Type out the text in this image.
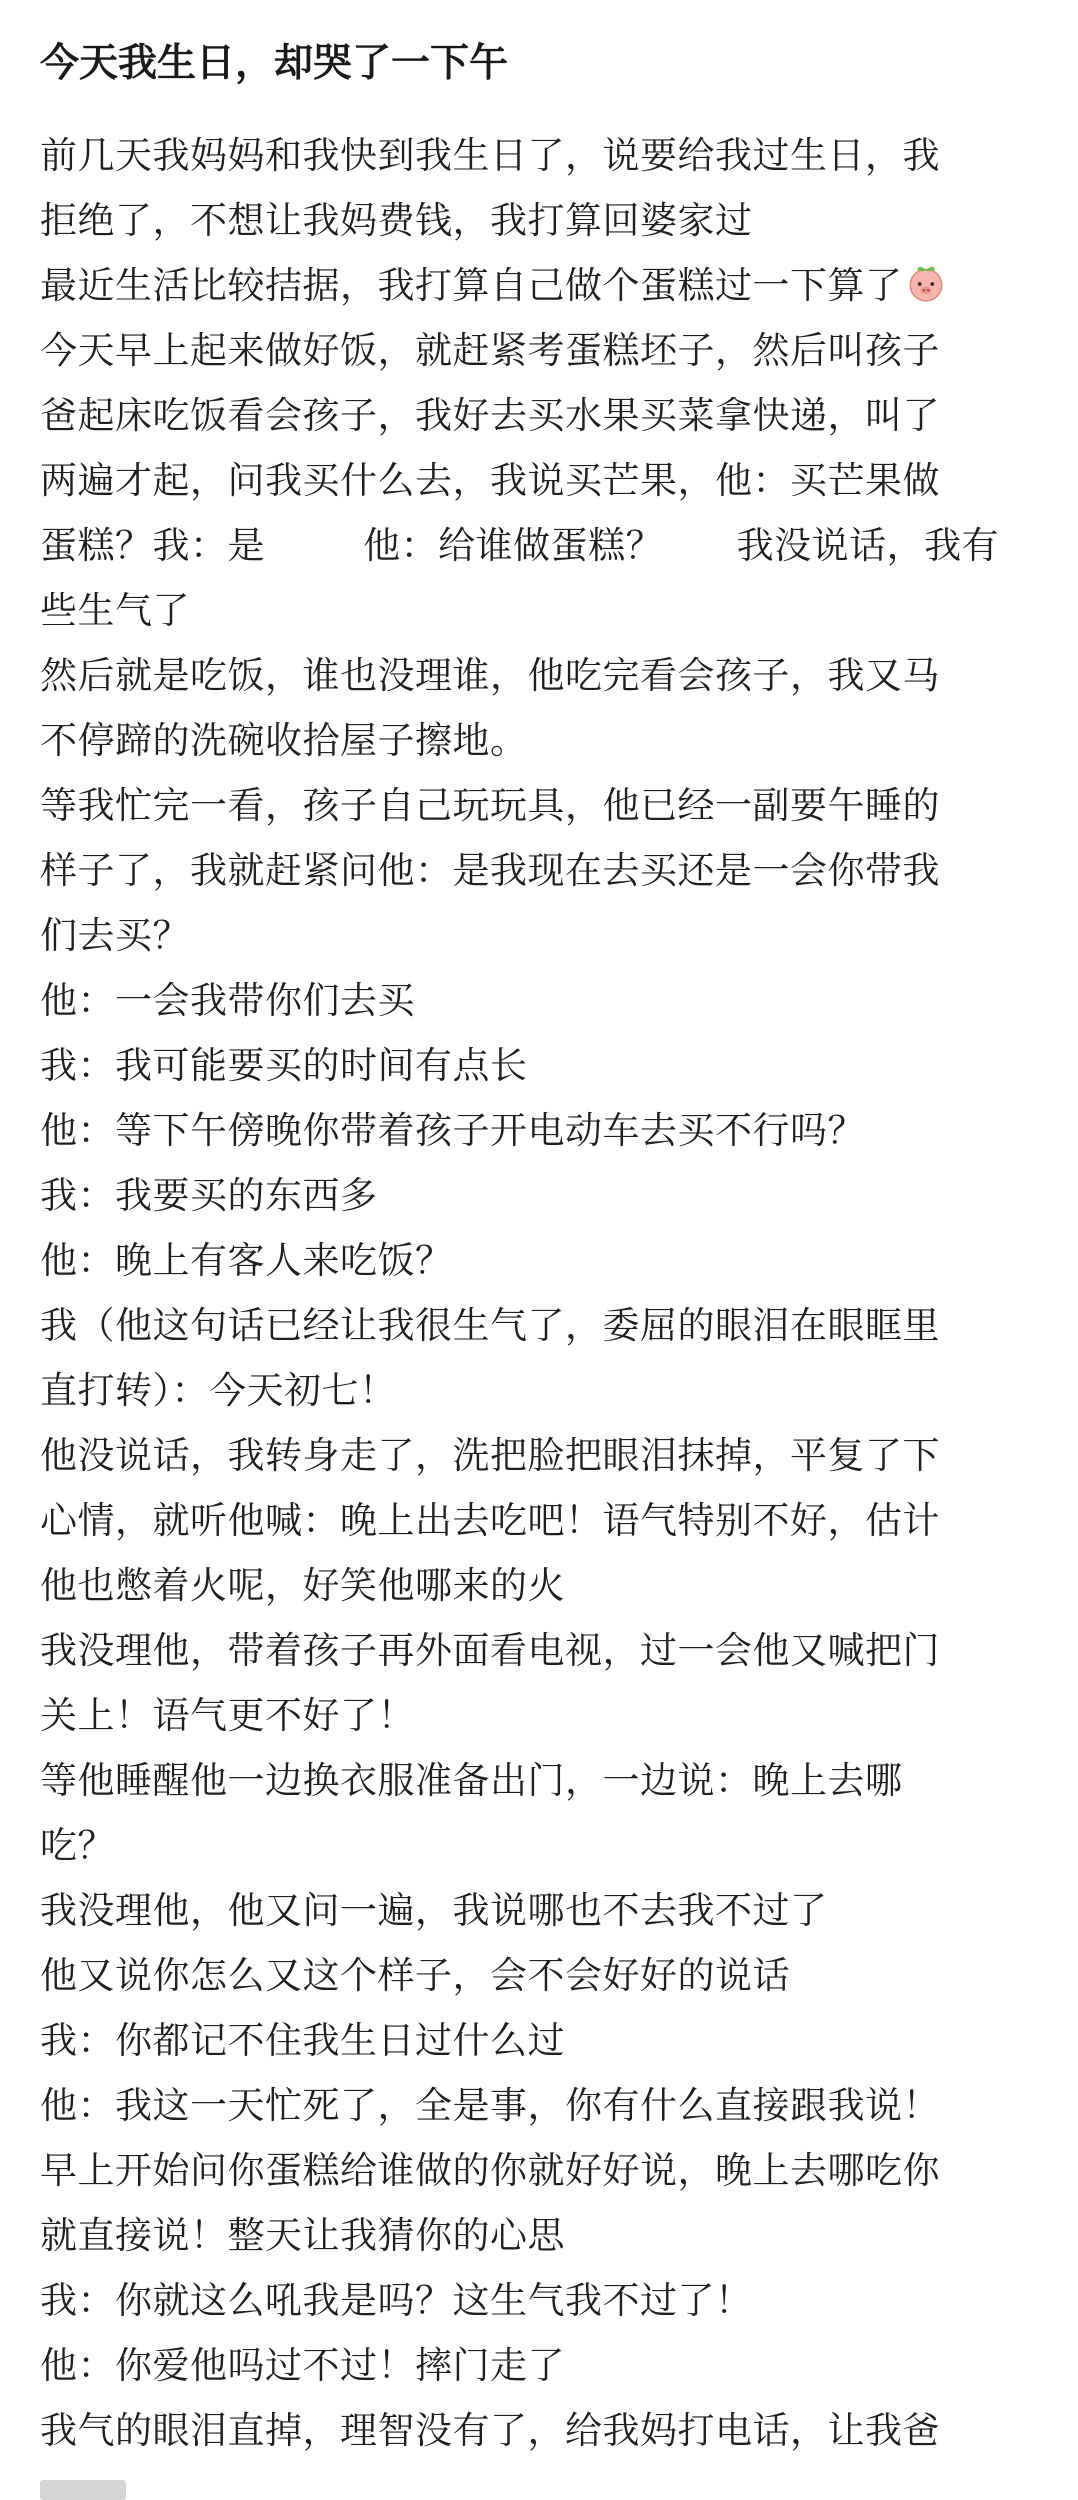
今天我生日，却哭了一下午
前几天我妈妈和我快到我生日了，说要给我过生日，我
拒绝了，不想让我妈费钱，我打算回婆家过
最近生活比较拮据，我打算自己做个蛋糕过一下算了
今天早上起来做好饭，就赶紧考蛋糕坯子，然后叫孩子
爸起床吃饭看会孩子，我好去买水果买菜拿快递，叫了
两遍才起，问我买什么去，我说买芒果，他：买芒果做
蛋糕？我：是        他：给谁做蛋糕？      我没说话，我有
些生气了
然后就是吃饭，谁也没理谁，他吃完看会孩子，我又马
不停蹄的洗碗收拾屋子擦地。
等我忙完一看，孩子自己玩玩具，他已经一副要午睡的
样子了，我就赶紧问他：是我现在去买还是一会你带我
们去买？
他：一会我带你们去买
我：我可能要买的时间有点长
他：等下午傍晚你带着孩子开电动车去买不行吗？
我：我要买的东西多
他：晚上有客人来吃饭？
我（他这句话已经让我很生气了，委屈的眼泪在眼眶里
直打转）：今天初七！
他没说话，我转身走了，洗把脸把眼泪抹掉，平复了下
心情，就听他喊：晚上出去吃吧！语气特别不好，估计
他也憋着火呢，好笑他哪来的火
我没理他，带着孩子再外面看电视，过一会他又喊把门
关上！语气更不好了！
等他睡醒他一边换衣服准备出门，一边说：晚上去哪
吃？
我没理他，他又问一遍，我说哪也不去我不过了
他又说你怎么又这个样子，会不会好好的说话
我：你都记不住我生日过什么过
他：我这一天忙死了，全是事，你有什么直接跟我说！
早上开始问你蛋糕给谁做的你就好好说，晚上去哪吃你
就直接说！整天让我猜你的心思
我：你就这么吼我是吗？这生气我不过了！
他：你爱他吗过不过！摔门走了
我气的眼泪直掉，理智没有了，给我妈打电话，让我爸
